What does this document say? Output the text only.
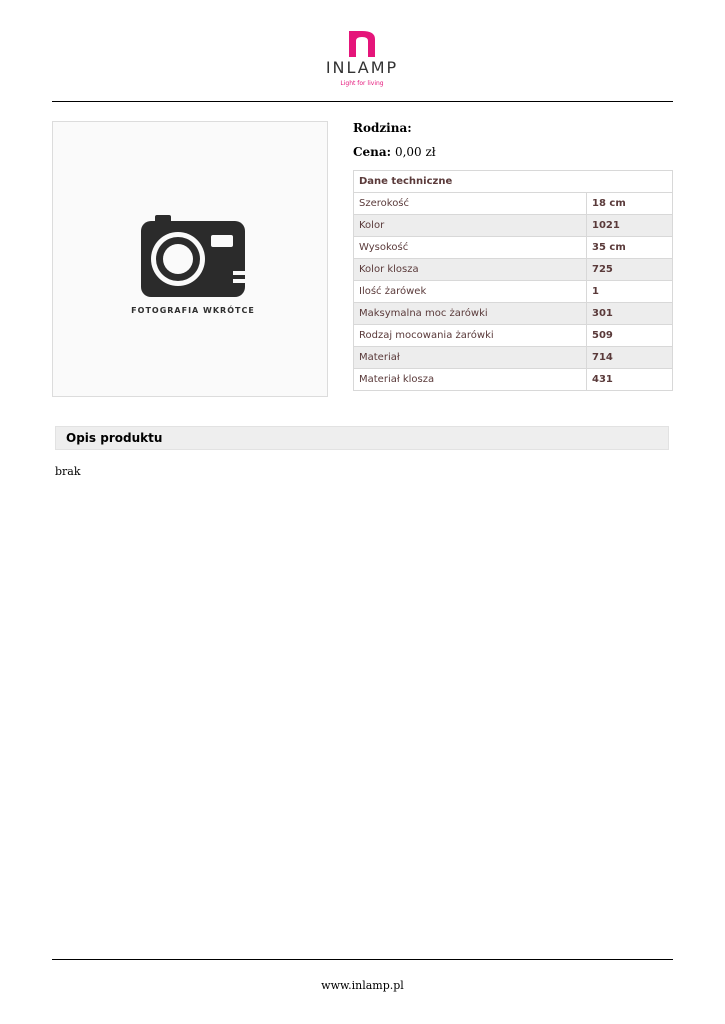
INLAMP
Light for living
FOTOGRAFIA WKRÓTCE
Rodzina:
Cena: 0,00 zł
Dane techniczne	
Szerokość	18 cm
Kolor	1021
Wysokość	35 cm
Kolor klosza	725
Ilość żarówek	1
Maksymalna moc żarówki	301
Rodzaj mocowania żarówki	509
Materiał	714
Materiał klosza	431
Opis produktu
brak
www.inlamp.pl
